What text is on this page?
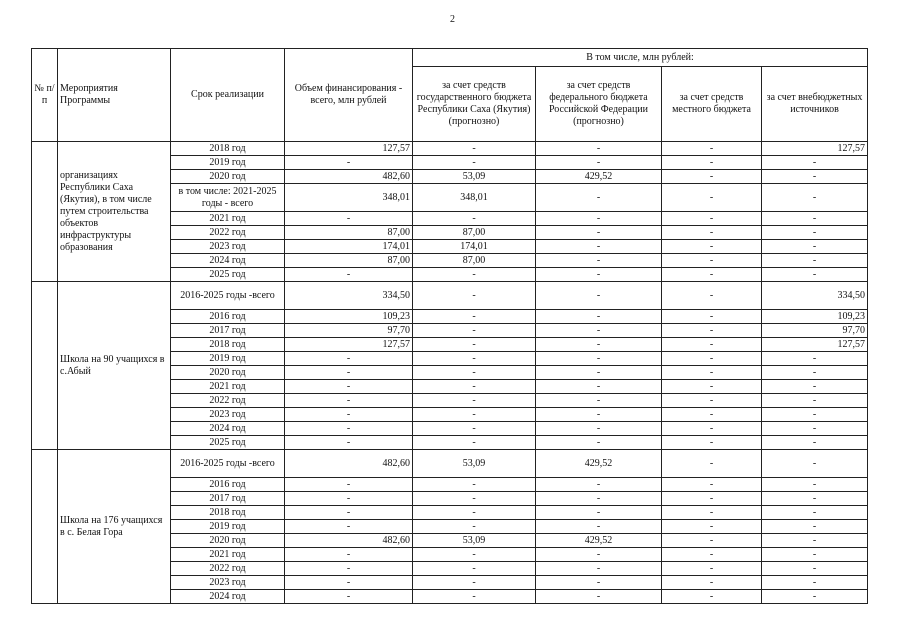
2
№ п/п	Мероприятия Программы	Срок реализации	Объем финансирования - всего, млн рублей	В том числе, млн рублей:			
				за счет средств государственного бюджета Республики Саха (Якутия) (прогнозно)	за счет средств федерального бюджета Российской Федерации (прогнозно)	за счет средств местного бюджета	за счет внебюджетных источников
	организациях Республики Саха (Якутия), в том числе путем строительства объектов инфраструктуры образования	2018 год	127,57	-	-	-	127,57
		2019 год	-	-	-	-	-
		2020 год	482,60	53,09	429,52	-	-
		в том числе: 2021-2025 годы - всего	348,01	348,01	-	-	-
		2021 год	-	-	-	-	-
		2022 год	87,00	87,00	-	-	-
		2023 год	174,01	174,01	-	-	-
		2024 год	87,00	87,00	-	-	-
		2025 год	-	-	-	-	-
	Школа на 90 учащихся в с.Абый	2016-2025 годы -всего	334,50	-	-	-	334,50
		2016 год	109,23	-	-	-	109,23
		2017 год	97,70	-	-	-	97,70
		2018 год	127,57	-	-	-	127,57
		2019 год	-	-	-	-	-
		2020 год	-	-	-	-	-
		2021 год	-	-	-	-	-
		2022 год	-	-	-	-	-
		2023 год	-	-	-	-	-
		2024 год	-	-	-	-	-
		2025 год	-	-	-	-	-
	Школа на 176 учащихся в с. Белая Гора	2016-2025 годы -всего	482,60	53,09	429,52	-	-
		2016 год	-	-	-	-	-
		2017 год	-	-	-	-	-
		2018 год	-	-	-	-	-
		2019 год	-	-	-	-	-
		2020 год	482,60	53,09	429,52	-	-
		2021 год	-	-	-	-	-
		2022 год	-	-	-	-	-
		2023 год	-	-	-	-	-
		2024 год	-	-	-	-	-
